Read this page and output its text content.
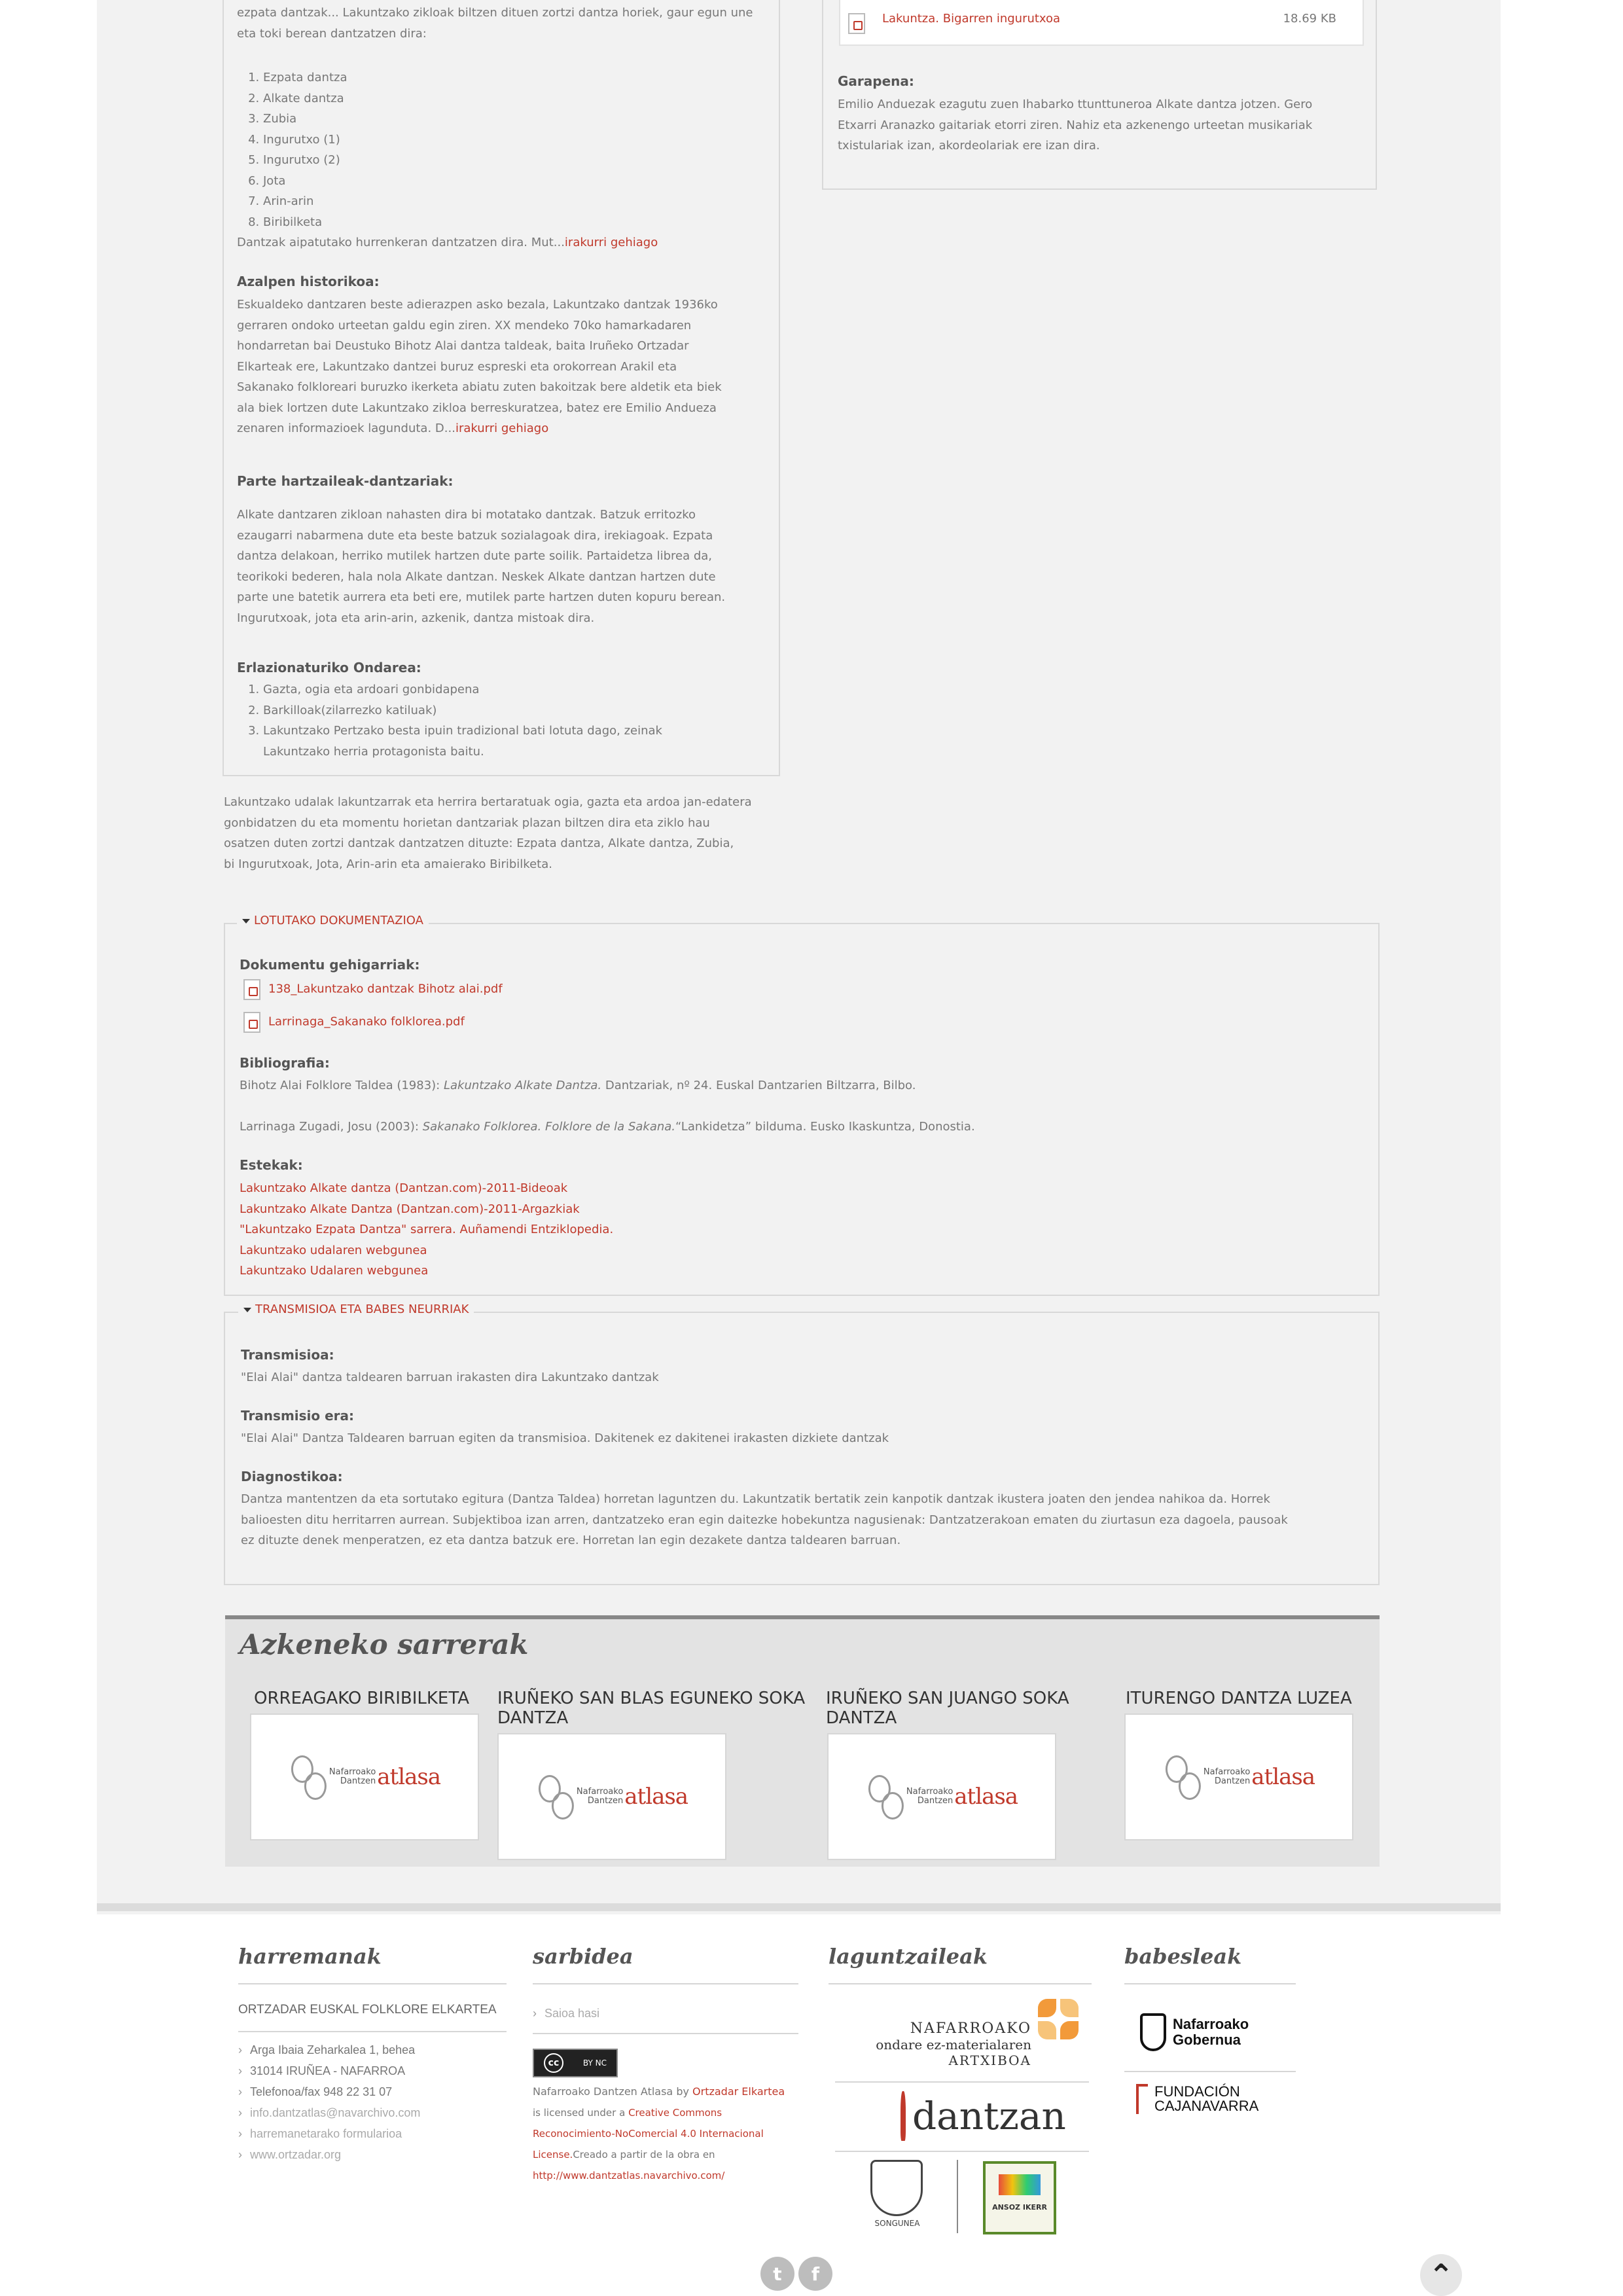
ezpata dantzak... Lakuntzako zikloak biltzen dituen zortzi dantza horiek, gaur egun une eta toki berean dantzatzen dira:
1. Ezpata dantza
2. Alkate dantza
3. Zubia
4. Ingurutxo (1)
5. Ingurutxo (2)
6. Jota
7. Arin-arin
8. Biribilketa
Dantzak aipatutako hurrenkeran dantzatzen dira. Mut...irakurri gehiago
Azalpen historikoa:
Eskualdeko dantzaren beste adierazpen asko bezala, Lakuntzako dantzak 1936ko
gerraren ondoko urteetan galdu egin ziren. XX mendeko 70ko hamarkadaren
hondarretan bai Deustuko Bihotz Alai dantza taldeak, baita Iruñeko Ortzadar
Elkarteak ere, Lakuntzako dantzei buruz espreski eta orokorrean Arakil eta
Sakanako folkloreari buruzko ikerketa abiatu zuten bakoitzak bere aldetik eta biek
ala biek lortzen dute Lakuntzako zikloa berreskuratzea, batez ere Emilio Andueza
zenaren informazioek lagunduta. D...irakurri gehiago
Parte hartzaileak-dantzariak:
Alkate dantzaren zikloan nahasten dira bi motatako dantzak. Batzuk erritozko
ezaugarri nabarmena dute eta beste batzuk sozialagoak dira, irekiagoak. Ezpata
dantza delakoan, herriko mutilek hartzen dute parte soilik. Partaidetza librea da,
teorikoki bederen, hala nola Alkate dantzan. Neskek Alkate dantzan hartzen dute
parte une batetik aurrera eta beti ere, mutilek parte hartzen duten kopuru berean.
Ingurutxoak, jota eta arin-arin, azkenik, dantza mistoak dira.
Erlazionaturiko Ondarea:
1. Gazta, ogia eta ardoari gonbidapena
2. Barkilloak(zilarrezko katiluak)
3. Lakuntzako Pertzako besta ipuin tradizional bati lotuta dago, zeinak
Lakuntzako herria protagonista baitu.
Lakuntzako udalak lakuntzarrak eta herrira bertaratuak ogia, gazta eta ardoa jan-edatera
gonbidatzen du eta momentu horietan dantzariak plazan biltzen dira eta ziklo hau
osatzen duten zortzi dantzak dantzatzen dituzte: Ezpata dantza, Alkate dantza, Zubia,
bi Ingurutxoak, Jota, Arin-arin eta amaierako Biribilketa.
Lakuntza. Bigarren ingurutxoa	18.69 KB
Garapena:
Emilio Anduezak ezagutu zuen Ihabarko ttunttuneroa Alkate dantza jotzen. Gero
Etxarri Aranazko gaitariak etorri ziren. Nahiz eta azkenengo urteetan musikariak
txistulariak izan, akordeolariak ere izan dira.
LOTUTAKO DOKUMENTAZIOA
Dokumentu gehigarriak:
138_Lakuntzako dantzak Bihotz alai.pdf
Larrinaga_Sakanako folklorea.pdf
Bibliografia:
Bihotz Alai Folklore Taldea (1983): Lakuntzako Alkate Dantza. Dantzariak, nº 24. Euskal Dantzarien Biltzarra, Bilbo.
Larrinaga Zugadi, Josu (2003): Sakanako Folklorea. Folklore de la Sakana.“Lankidetza” bilduma. Eusko Ikaskuntza, Donostia.
Estekak:
Lakuntzako Alkate dantza (Dantzan.com)-2011-Bideoak
Lakuntzako Alkate Dantza (Dantzan.com)-2011-Argazkiak
"Lakuntzako Ezpata Dantza" sarrera. Auñamendi Entziklopedia.
Lakuntzako udalaren webgunea
Lakuntzako Udalaren webgunea
TRANSMISIOA ETA BABES NEURRIAK
Transmisioa:
"Elai Alai" dantza taldearen barruan irakasten dira Lakuntzako dantzak
Transmisio era:
"Elai Alai" Dantza Taldearen barruan egiten da transmisioa. Dakitenek ez dakitenei irakasten dizkiete dantzak
Diagnostikoa:
Dantza mantentzen da eta sortutako egitura (Dantza Taldea) horretan laguntzen du. Lakuntzatik bertatik zein kanpotik dantzak ikustera joaten den jendea nahikoa da. Horrek
balioesten ditu herritarren aurrean. Subjektiboa izan arren, dantzatzeko eran egin daitezke hobekuntza nagusienak: Dantzatzerakoan ematen du ziurtasun eza dagoela, pausoak
ez dituzte denek menperatzen, ez eta dantza batzuk ere. Horretan lan egin dezakete dantza taldearen barruan.
Azkeneko sarrerak
ORREAGAKO BIRIBILKETA
Nafarroako
Dantzen atlasa
IRUÑEKO SAN BLAS EGUNEKO SOKA
DANTZA
Nafarroako
Dantzen atlasa
IRUÑEKO SAN JUANGO SOKA
DANTZA
Nafarroako
Dantzen atlasa
ITURENGO DANTZA LUZEA
Nafarroako
Dantzen atlasa
harremanak
ORTZADAR EUSKAL FOLKLORE ELKARTEA
› Arga Ibaia Zeharkalea 1, behea
› 31014 IRUÑEA - NAFARROA
› Telefonoa/fax 948 22 31 07
› info.dantzatlas@navarchivo.com
› harremanetarako formularioa
› www.ortzadar.org
sarbidea
› Saioa hasi
cc	BY NC
Nafarroako Dantzen Atlasa by Ortzadar Elkartea
is licensed under a Creative Commons
Reconocimiento-NoComercial 4.0 Internacional
License.Creado a partir de la obra en
http://www.dantzatlas.navarchivo.com/
laguntzaileak
NAFARROAKO
ondare ez-materialaren
ARTXIBOA
dantzan
SONGUNEA
ANSOZ IKERR
babesleak
Nafarroako
Gobernua
FUNDACIÓN
CAJANAVARRA
t	f	⌃
